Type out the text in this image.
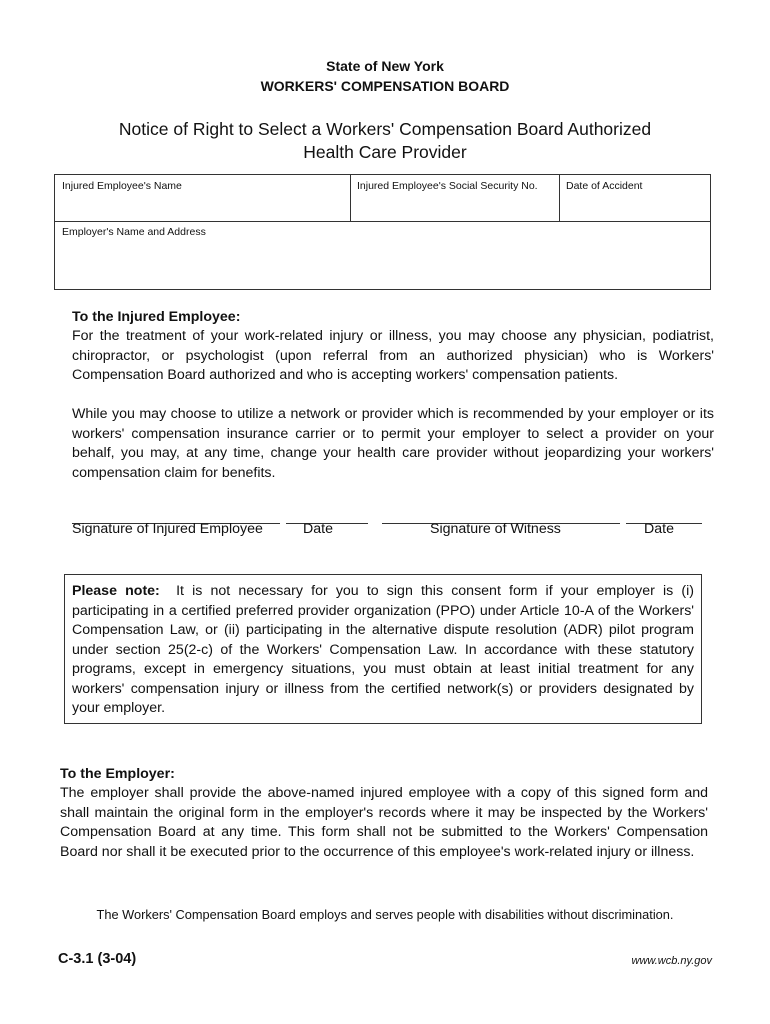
State of New York
WORKERS' COMPENSATION BOARD
Notice of Right to Select a Workers' Compensation Board Authorized
Health Care Provider
Injured Employee's Name	Injured Employee's Social Security No.	Date of Accident
Employer's Name and Address
To the Injured Employee:
For the treatment of your work-related injury or illness, you may choose any physician, podiatrist, chiropractor, or psychologist (upon referral from an authorized physician) who is Workers' Compensation Board authorized and who is accepting workers' compensation patients.
While you may choose to utilize a network or provider which is recommended by your employer or its workers' compensation insurance carrier or to permit your employer to select a provider on your behalf, you may, at any time, change your health care provider without jeopardizing your workers' compensation claim for benefits.
Signature of Injured Employee	Date	Signature of Witness	Date
Please note: It is not necessary for you to sign this consent form if your employer is (i) participating in a certified preferred provider organization (PPO) under Article 10-A of the Workers' Compensation Law, or (ii) participating in the alternative dispute resolution (ADR) pilot program under section 25(2-c) of the Workers' Compensation Law. In accordance with these statutory programs, except in emergency situations, you must obtain at least initial treatment for any workers' compensation injury or illness from the certified network(s) or providers designated by your employer.
To the Employer:
The employer shall provide the above-named injured employee with a copy of this signed form and shall maintain the original form in the employer's records where it may be inspected by the Workers' Compensation Board at any time. This form shall not be submitted to the Workers' Compensation Board nor shall it be executed prior to the occurrence of this employee's work-related injury or illness.
The Workers' Compensation Board employs and serves people with disabilities without discrimination.
C-3.1 (3-04)	www.wcb.ny.gov
